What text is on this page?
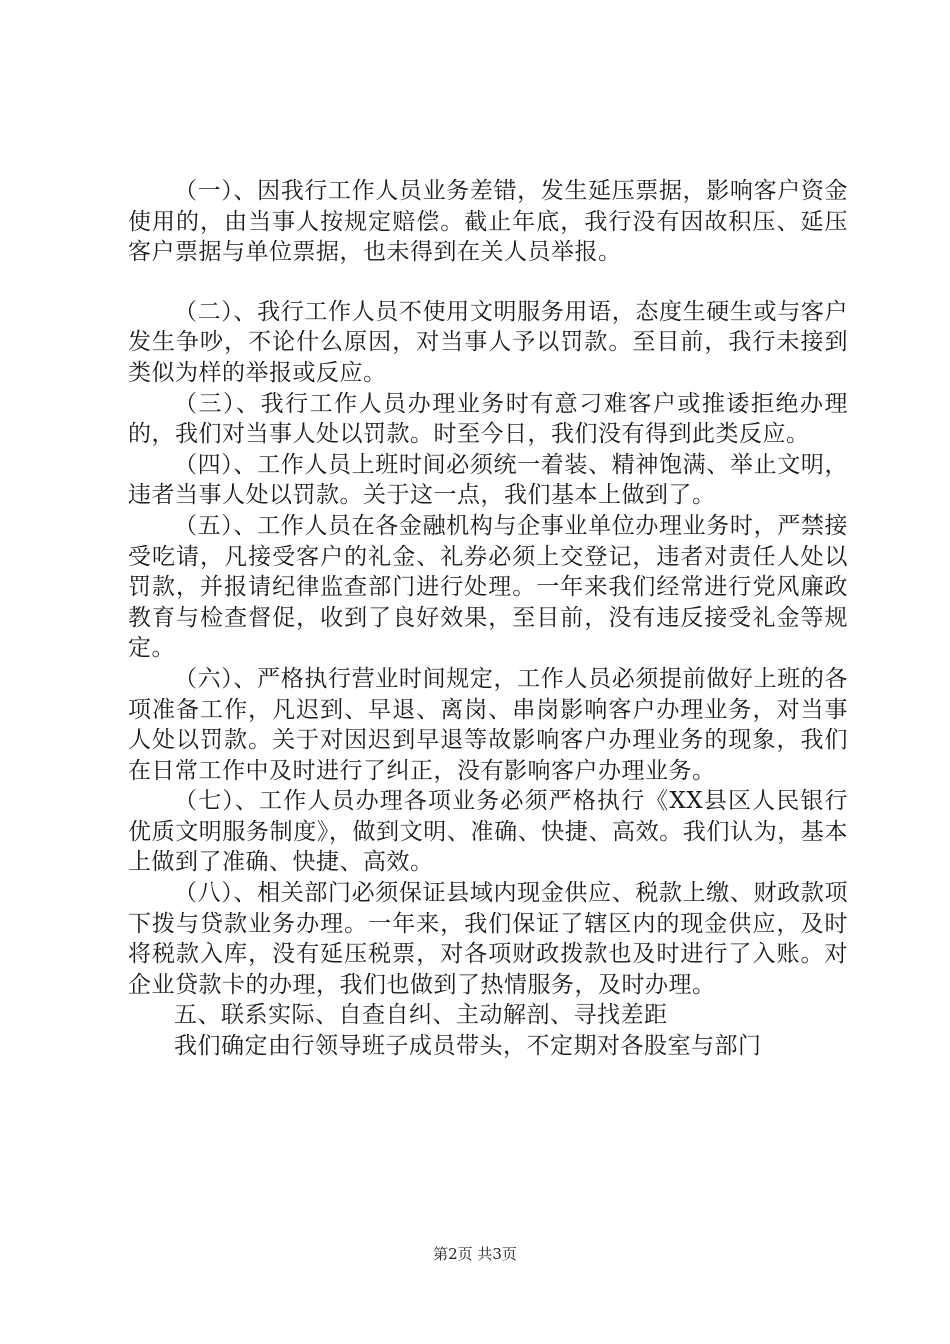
（一）、因我行工作人员业务差错，发生延压票据，影响客户资金使用的，由当事人按规定赔偿。截止年底，我行没有因故积压、延压客户票据与单位票据，也未得到在关人员举报。

（二）、我行工作人员不使用文明服务用语，态度生硬生或与客户发生争吵，不论什么原因，对当事人予以罚款。至目前，我行未接到类似为样的举报或反应。

（三）、我行工作人员办理业务时有意刁难客户或推诿拒绝办理的，我们对当事人处以罚款。时至今日，我们没有得到此类反应。

（四）、工作人员上班时间必须统一着装、精神饱满、举止文明，违者当事人处以罚款。关于这一点，我们基本上做到了。

（五）、工作人员在各金融机构与企事业单位办理业务时，严禁接受吃请，凡接受客户的礼金、礼券必须上交登记，违者对责任人处以罚款，并报请纪律监查部门进行处理。一年来我们经常进行党风廉政教育与检查督促，收到了良好效果，至目前，没有违反接受礼金等规定。

（六）、严格执行营业时间规定，工作人员必须提前做好上班的各项准备工作，凡迟到、早退、离岗、串岗影响客户办理业务，对当事人处以罚款。关于对因迟到早退等故影响客户办理业务的现象，我们在日常工作中及时进行了纠正，没有影响客户办理业务。

（七）、工作人员办理各项业务必须严格执行《XX县区人民银行优质文明服务制度》，做到文明、准确、快捷、高效。我们认为，基本上做到了准确、快捷、高效。

（八）、相关部门必须保证县域内现金供应、税款上缴、财政款项下拨与贷款业务办理。一年来，我们保证了辖区内的现金供应，及时将税款入库，没有延压税票，对各项财政拨款也及时进行了入账。对企业贷款卡的办理，我们也做到了热情服务，及时办理。

五、联系实际、自查自纠、主动解剖、寻找差距

我们确定由行领导班子成员带头，不定期对各股室与部门

第2页 共3页
